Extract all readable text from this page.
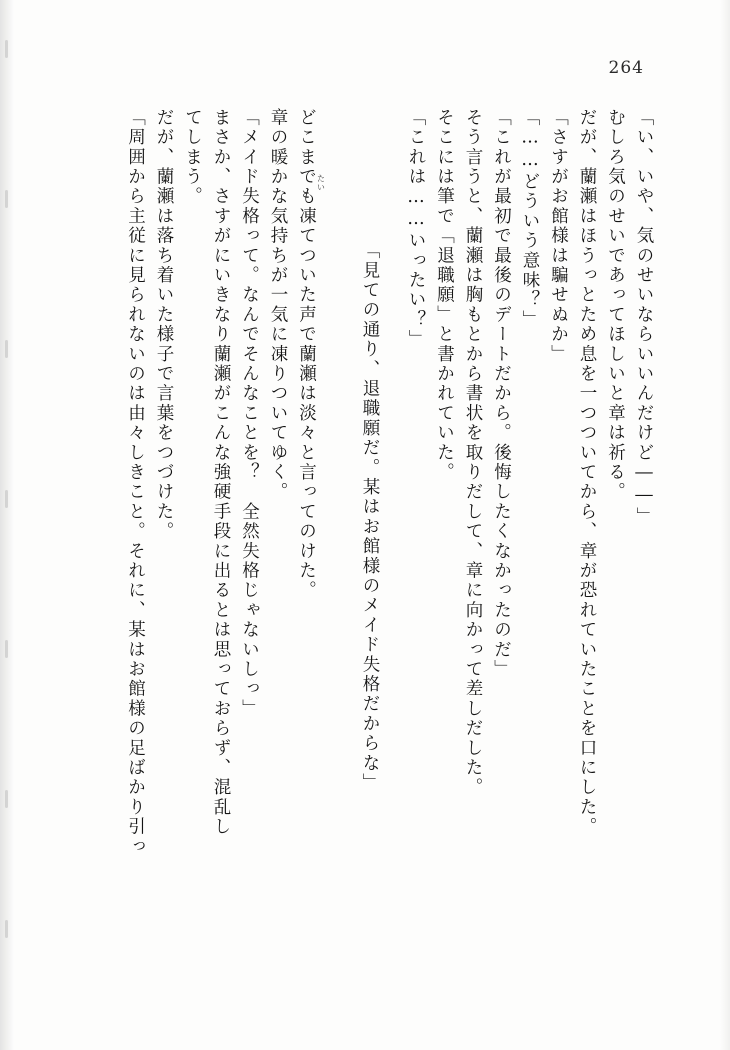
264
「い、いや、気のせいならいいんだけど――」
むしろ気のせいであってほしいと章は祈る。
だが、蘭瀬はほうっとため息を一つついてから、章が恐れていたことを口にした。
「さすがお館様は騙せぬか」
「……どういう意味？」
「これが最初で最後のデートだから。後悔したくなかったのだ」
そう言うと、蘭瀬は胸もとから書状を取りだして、章に向かって差しだした。
そこには筆で「退職願」と書かれていた。
「これは……いったい？」

「見ての通り、退職願だ。某はお館様のメイド失格だからな」

たい

どこまでも凍てついた声で蘭瀬は淡々と言ってのけた。
章の暖かな気持ちが一気に凍りついてゆく。
「メイド失格って。なんでそんなことを？　全然失格じゃないしっ」
まさか、さすがにいきなり蘭瀬がこんな強硬手段に出るとは思っておらず、混乱し
てしまう。
だが、蘭瀬は落ち着いた様子で言葉をつづけた。
「周囲から主従に見られないのは由々しきこと。それに、某はお館様の足ばかり引っ
